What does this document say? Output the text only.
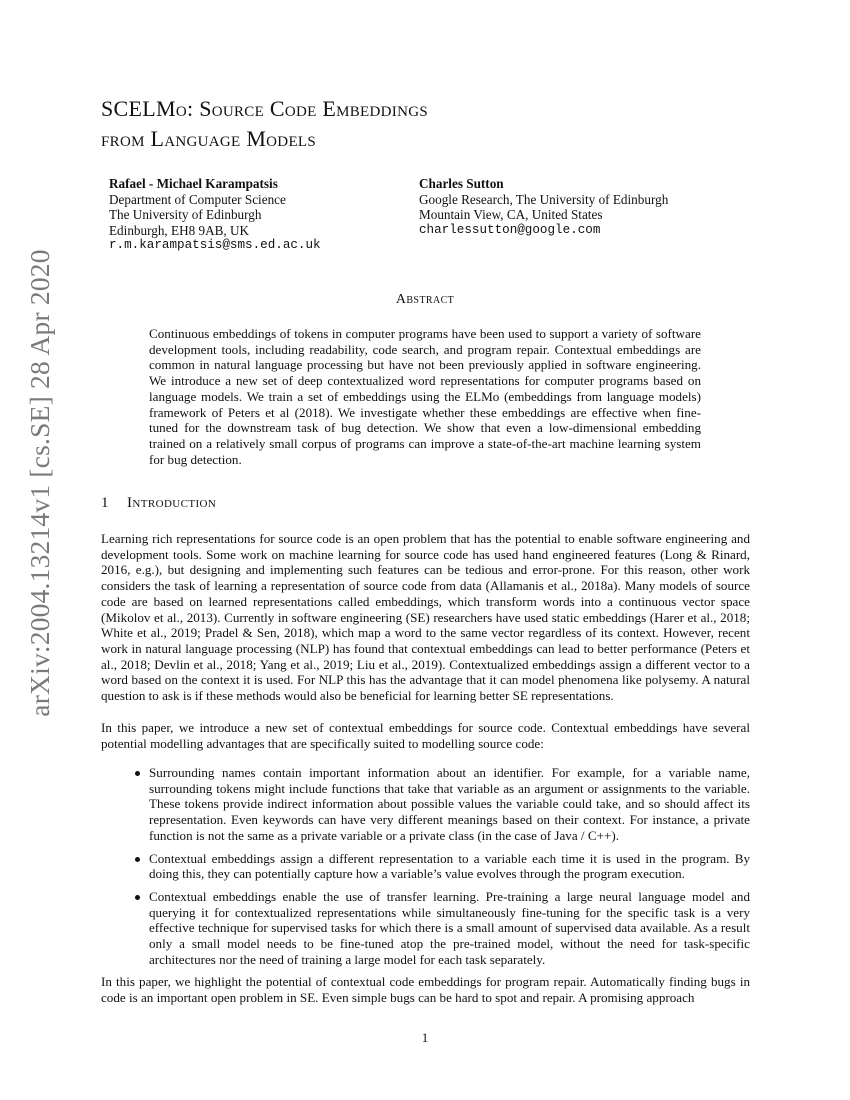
arXiv:2004.13214v1 [cs.SE] 28 Apr 2020
SCELMo: Source Code Embeddings
from Language Models
Rafael - Michael Karampatsis
Department of Computer Science
The University of Edinburgh
Edinburgh, EH8 9AB, UK
r.m.karampatsis@sms.ed.ac.uk
Charles Sutton
Google Research, The University of Edinburgh
Mountain View, CA, United States
charlessutton@google.com
Abstract
Continuous embeddings of tokens in computer programs have been used to support a variety of software development tools, including readability, code search, and program repair. Contextual embeddings are common in natural language processing but have not been previously applied in software engineering. We introduce a new set of deep contextualized word representations for computer programs based on language models. We train a set of embeddings using the ELMo (embeddings from language models) framework of Peters et al (2018). We investigate whether these embeddings are effective when fine-tuned for the downstream task of bug detection. We show that even a low-dimensional embedding trained on a relatively small corpus of programs can improve a state-of-the-art machine learning system for bug detection.
1 Introduction
Learning rich representations for source code is an open problem that has the potential to enable software engineering and development tools. Some work on machine learning for source code has used hand engineered features (Long & Rinard, 2016, e.g.), but designing and implementing such features can be tedious and error-prone. For this reason, other work considers the task of learning a representation of source code from data (Allamanis et al., 2018a). Many models of source code are based on learned representations called embeddings, which transform words into a continuous vector space (Mikolov et al., 2013). Currently in software engineering (SE) researchers have used static embeddings (Harer et al., 2018; White et al., 2019; Pradel & Sen, 2018), which map a word to the same vector regardless of its context. However, recent work in natural language processing (NLP) has found that contextual embeddings can lead to better performance (Peters et al., 2018; Devlin et al., 2018; Yang et al., 2019; Liu et al., 2019). Contextualized embeddings assign a different vector to a word based on the context it is used. For NLP this has the advantage that it can model phenomena like polysemy. A natural question to ask is if these methods would also be beneficial for learning better SE representations.
In this paper, we introduce a new set of contextual embeddings for source code. Contextual embeddings have several potential modelling advantages that are specifically suited to modelling source code:
Surrounding names contain important information about an identifier. For example, for a variable name, surrounding tokens might include functions that take that variable as an argument or assignments to the variable. These tokens provide indirect information about possible values the variable could take, and so should affect its representation. Even keywords can have very different meanings based on their context. For instance, a private function is not the same as a private variable or a private class (in the case of Java / C++).
Contextual embeddings assign a different representation to a variable each time it is used in the program. By doing this, they can potentially capture how a variable’s value evolves through the program execution.
Contextual embeddings enable the use of transfer learning. Pre-training a large neural language model and querying it for contextualized representations while simultaneously fine-tuning for the specific task is a very effective technique for supervised tasks for which there is a small amount of supervised data available. As a result only a small model needs to be fine-tuned atop the pre-trained model, without the need for task-specific architectures nor the need of training a large model for each task separately.
In this paper, we highlight the potential of contextual code embeddings for program repair. Automatically finding bugs in code is an important open problem in SE. Even simple bugs can be hard to spot and repair. A promising approach
1
